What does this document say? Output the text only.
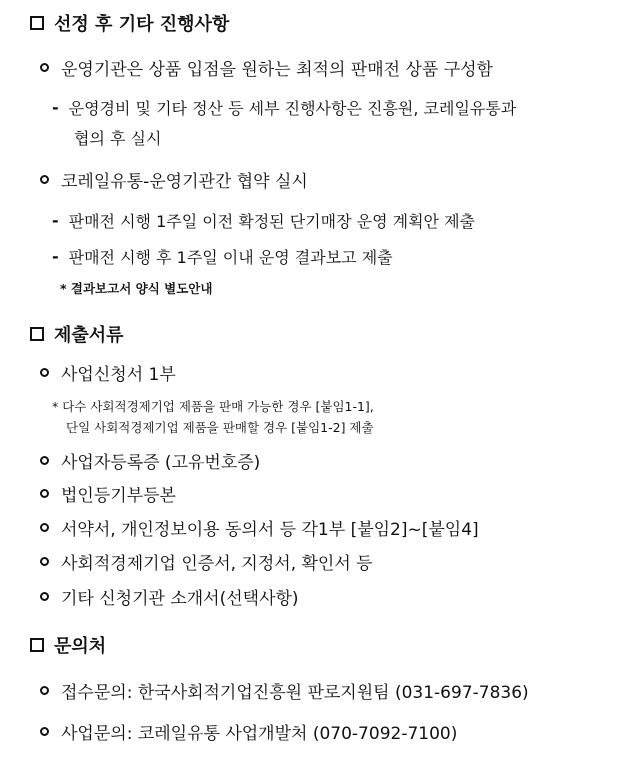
선정 후 기타 진행사항
운영기관은 상품 입점을 원하는 최적의 판매전 상품 구성함
- 운영경비 및 기타 정산 등 세부 진행사항은 진흥원, 코레일유통과
협의 후 실시
코레일유통-운영기관간 협약 실시
- 판매전 시행 1주일 이전 확정된 단기매장 운영 계획안 제출
- 판매전 시행 후 1주일 이내 운영 결과보고 제출
* 결과보고서 양식 별도안내
제출서류
사업신청서 1부
* 다수 사회적경제기업 제품을 판매 가능한 경우 [붙임1-1],
단일 사회적경제기업 제품을 판매할 경우 [붙임1-2] 제출
사업자등록증 (고유번호증)
법인등기부등본
서약서, 개인정보이용 동의서 등 각1부 [붙임2]~[붙임4]
사회적경제기업 인증서, 지정서, 확인서 등
기타 신청기관 소개서(선택사항)
문의처
접수문의: 한국사회적기업진흥원 판로지원팀 (031-697-7836)
사업문의: 코레일유통 사업개발처 (070-7092-7100)
